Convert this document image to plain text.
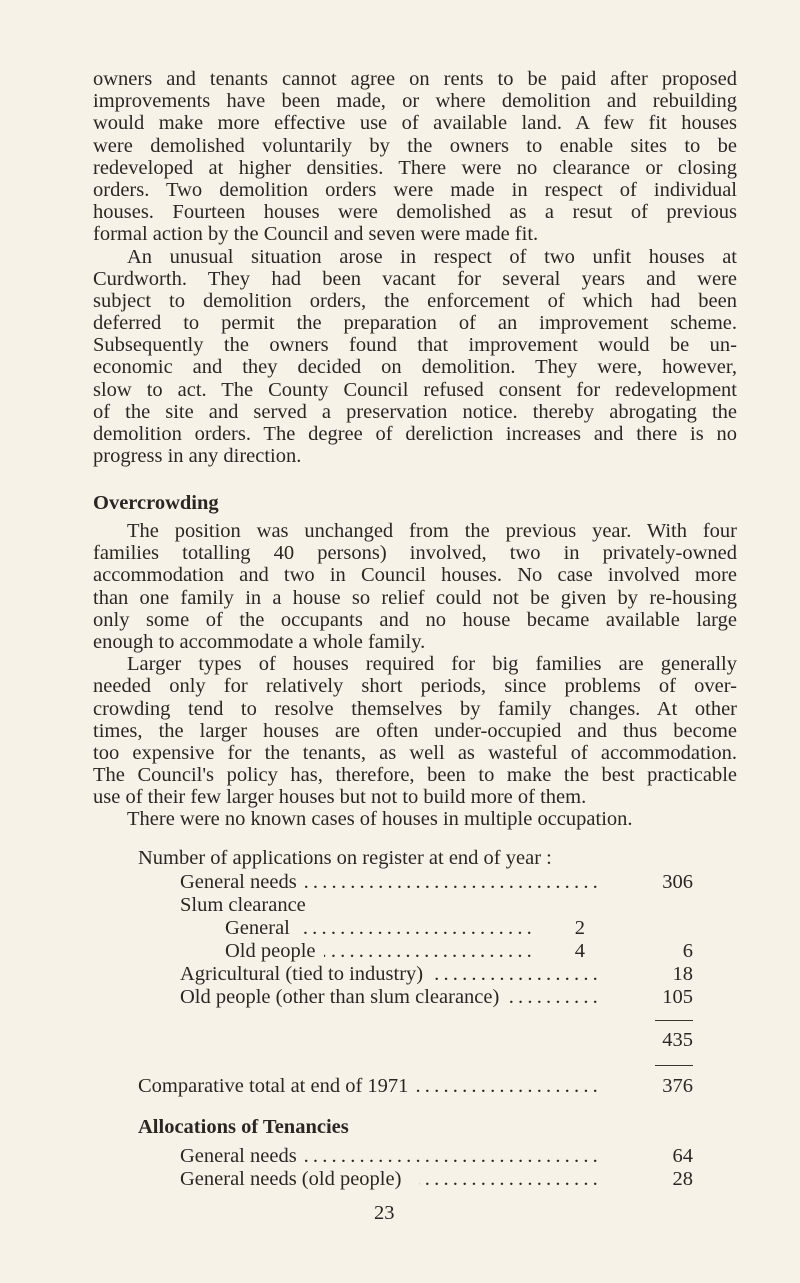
owners and tenants cannot agree on rents to be paid after proposed
improvements have been made, or where demolition and rebuilding
would make more effective use of available land. A few fit houses
were demolished voluntarily by the owners to enable sites to be
redeveloped at higher densities. There were no clearance or closing
orders. Two demolition orders were made in respect of individual
houses. Fourteen houses were demolished as a resut of previous
formal action by the Council and seven were made fit.
An unusual situation arose in respect of two unfit houses at
Curdworth. They had been vacant for several years and were
subject to demolition orders, the enforcement of which had been
deferred to permit the preparation of an improvement scheme.
Subsequently the owners found that improvement would be un-
economic and they decided on demolition. They were, however,
slow to act. The County Council refused consent for redevelopment
of the site and served a preservation notice. thereby abrogating the
demolition orders. The degree of dereliction increases and there is no
progress in any direction.
Overcrowding
The position was unchanged from the previous year. With four
families totalling 40 persons) involved, two in privately-owned
accommodation and two in Council houses. No case involved more
than one family in a house so relief could not be given by re-housing
only some of the occupants and no house became available large
enough to accommodate a whole family.
Larger types of houses required for big families are generally
needed only for relatively short periods, since problems of over-
crowding tend to resolve themselves by family changes. At other
times, the larger houses are often under-occupied and thus become
too expensive for the tenants, as well as wasteful of accommodation.
The Council's policy has, therefore, been to make the best practicable
use of their few larger houses but not to build more of them.
There were no known cases of houses in multiple occupation.
Number of applications on register at end of year :
General needs .....	306
Slum clearance
General .....	2
Old people .....	4	6
Agricultural (tied to industry) .....	18
Old people (other than slum clearance) .....	105
435
Comparative total at end of 1971 .....	376
Allocations of Tenancies
General needs .....	64
General needs (old people) .....	28
23
